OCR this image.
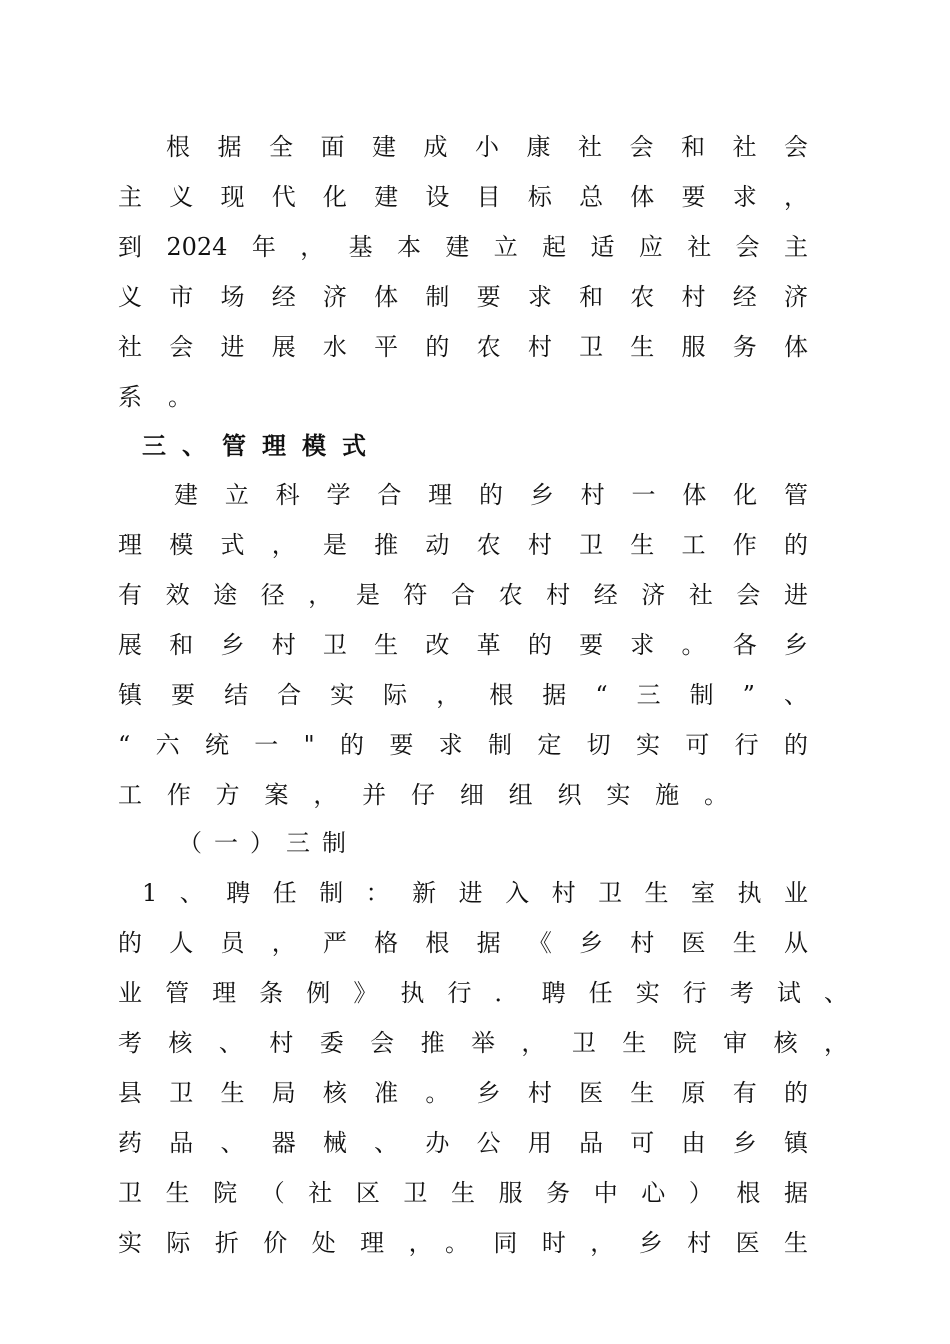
根据全面建成小康社会和社会
主义现代化建设目标总体要求，
到2024年，基本建立起适应社会主
义市场经济体制要求和农村经济
社会进展水平的农村卫生服务体
系。
三、管理模式
建立科学合理的乡村一体化管
理模式，是推动农村卫生工作的
有效途径，是符合农村经济社会进
展和乡村卫生改革的要求。各乡
镇要结合实际，根据“三制”、
“六统一"的要求制定切实可行的
工作方案，并仔细组织实施。
（一）三制
1、聘任制：新进入村卫生室执业
的人员，严格根据《乡村医生从
业管理条例》执行．聘任实行考试、
考核、村委会推举，卫生院审核，
县卫生局核准。乡村医生原有的
药品、器械、办公用品可由乡镇
卫生院（社区卫生服务中心）根据
实际折价处理，。同时，乡村医生
